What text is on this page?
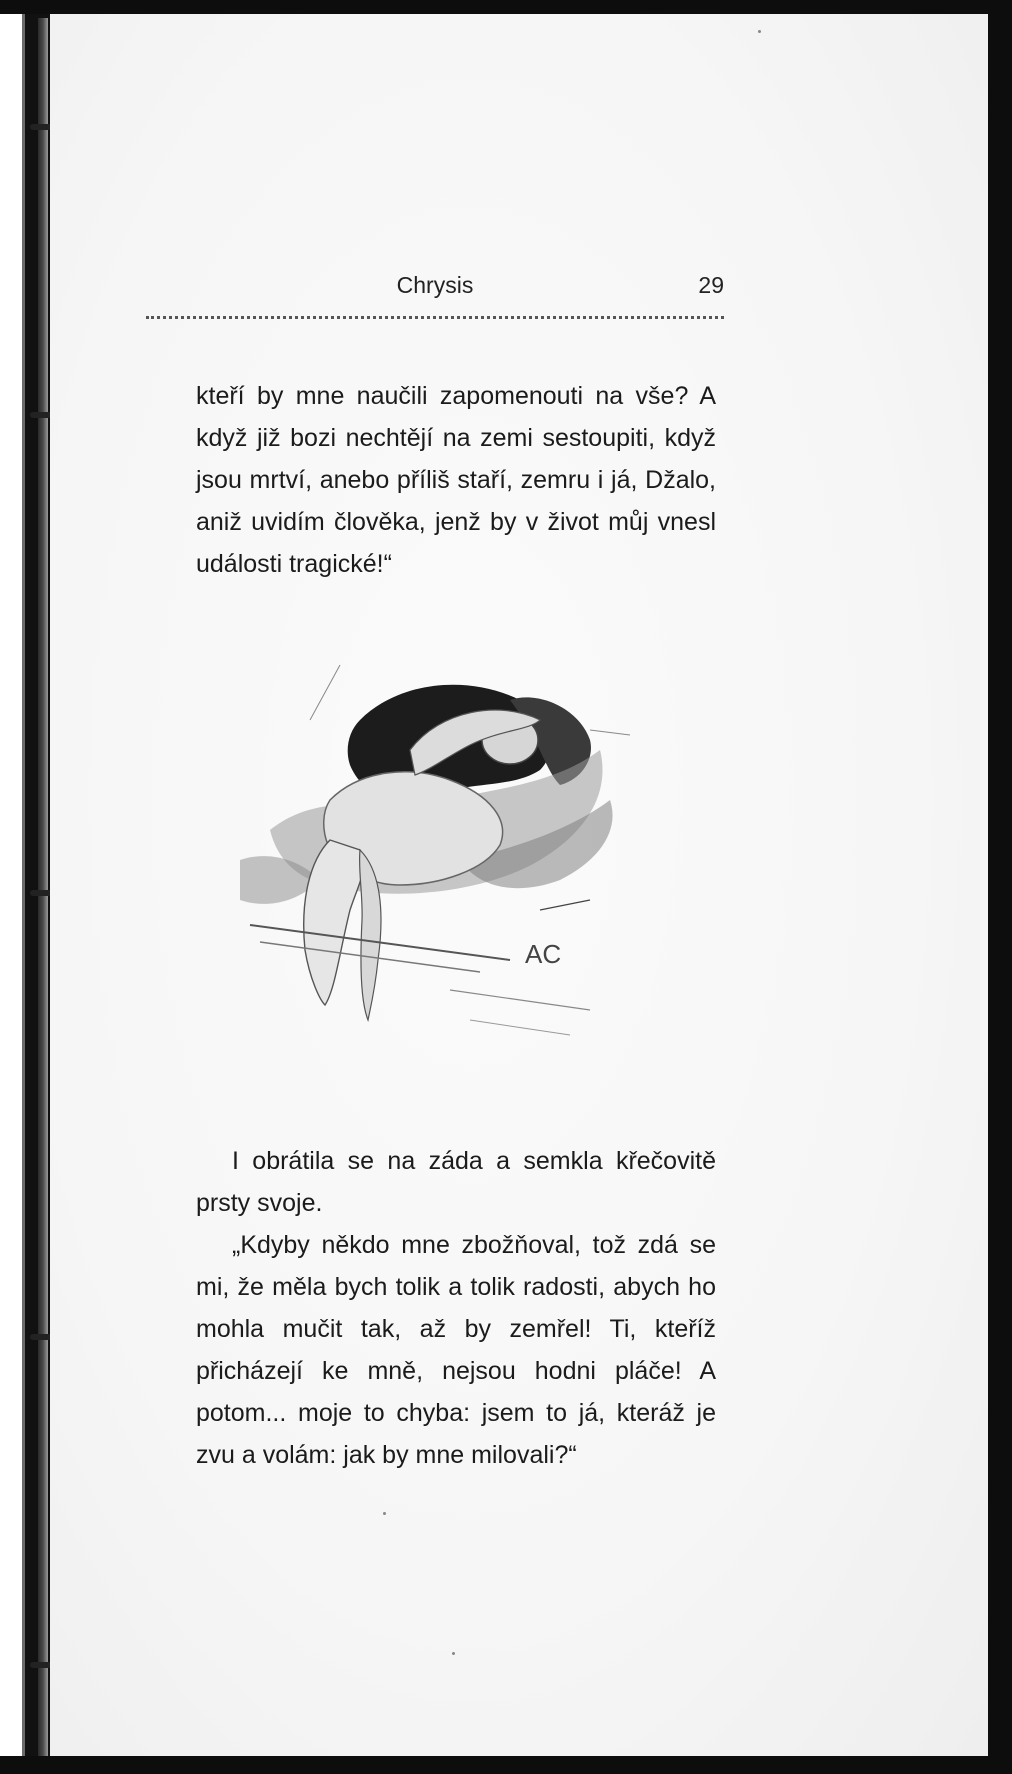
Chrysis	29

kteří by mne naučili zapomenouti na vše? A když již bozi nechtějí na zemi sestoupiti, když jsou mrtví, anebo příliš staří, zemru i já, Džalo, aniž uvidím člověka, jenž by v život můj vnesl události tragické!“

AC

I obrátila se na záda a semkla křečovitě prsty svoje.

„Kdyby někdo mne zbožňoval, tož zdá se mi, že měla bych tolik a tolik radosti, abych ho mohla mučit tak, až by zemřel! Ti, kteříž přicházejí ke mně, nejsou hodni pláče! A potom... moje to chyba: jsem to já, kteráž je zvu a volám: jak by mne milovali?“
